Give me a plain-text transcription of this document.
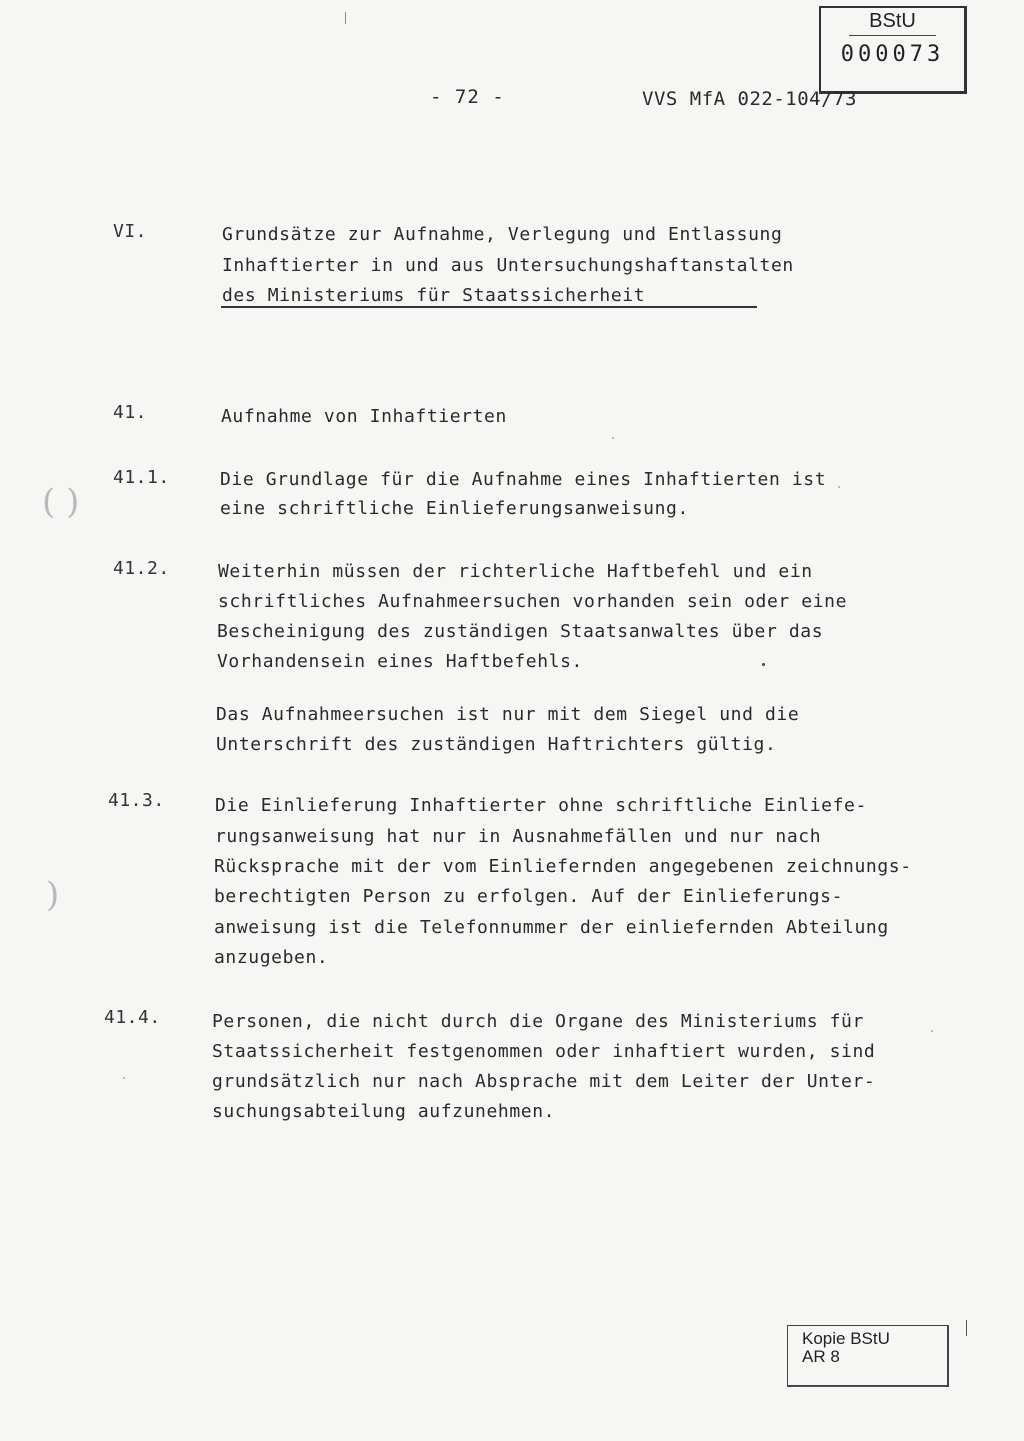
BStU
000073
- 72 -	VVS MfA 022-104/73
VI.	Grundsätze zur Aufnahme, Verlegung und Entlassung
Inhaftierter in und aus Untersuchungshaftanstalten
des Ministeriums für Staatssicherheit
41.	Aufnahme von Inhaftierten
41.1.	Die Grundlage für die Aufnahme eines Inhaftierten ist
eine schriftliche Einlieferungsanweisung.
41.2.	Weiterhin müssen der richterliche Haftbefehl und ein
schriftliches Aufnahmeersuchen vorhanden sein oder eine
Bescheinigung des zuständigen Staatsanwaltes über das
Vorhandensein eines Haftbefehls.
Das Aufnahmeersuchen ist nur mit dem Siegel und die
Unterschrift des zuständigen Haftrichters gültig.
41.3.	Die Einlieferung Inhaftierter ohne schriftliche Einliefe-
rungsanweisung hat nur in Ausnahmefällen und nur nach
Rücksprache mit der vom Einliefernden angegebenen zeichnungs-
berechtigten Person zu erfolgen. Auf der Einlieferungs-
anweisung ist die Telefonnummer der einliefernden Abteilung
anzugeben.
41.4.	Personen, die nicht durch die Organe des Ministeriums für
Staatssicherheit festgenommen oder inhaftiert wurden, sind
grundsätzlich nur nach Absprache mit dem Leiter der Unter-
suchungsabteilung aufzunehmen.
( )
)
Kopie BStU
AR 8
